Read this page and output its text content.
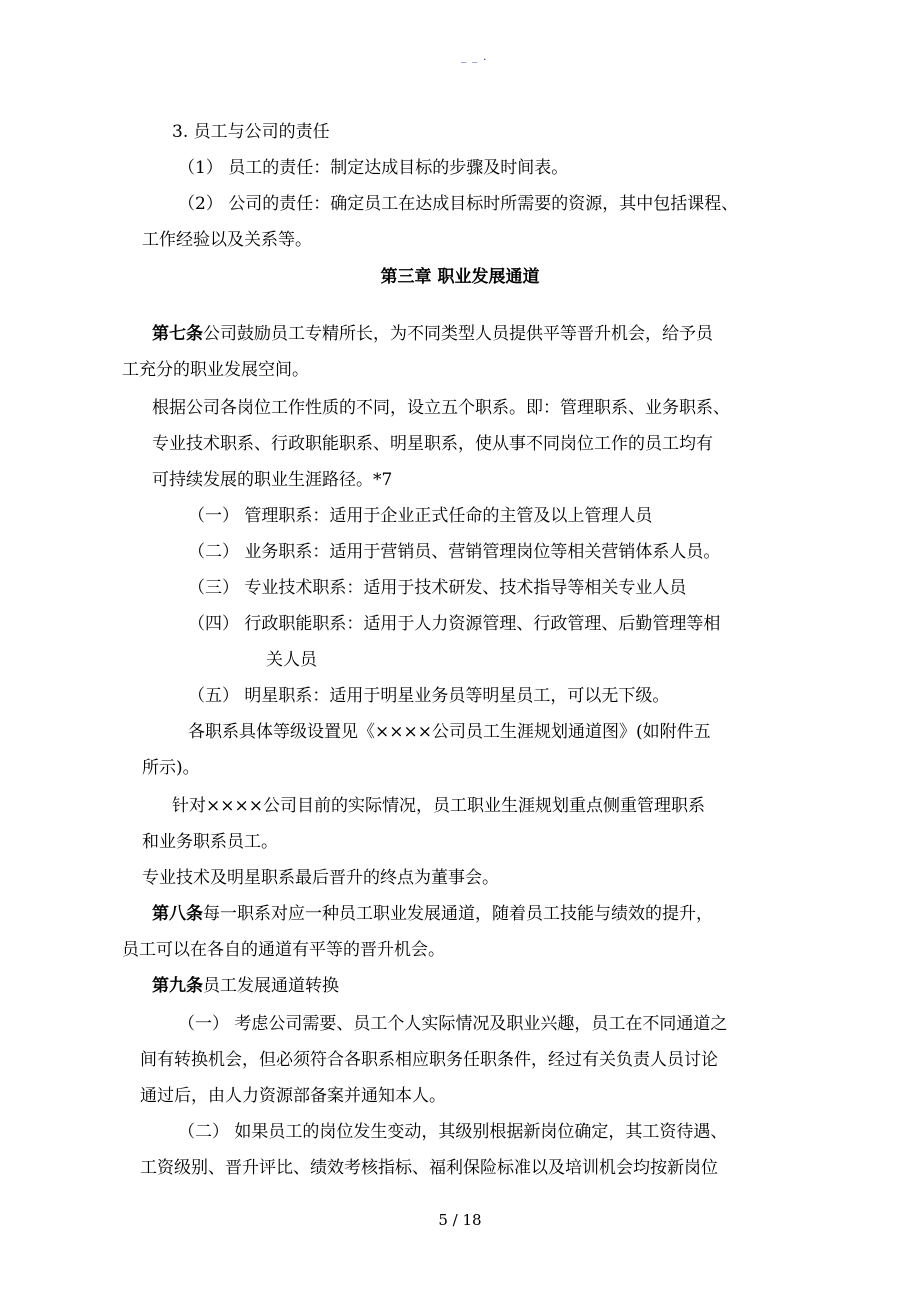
_ _ .
3. 员工与公司的责任
（1） 员工的责任：制定达成目标的步骤及时间表。
（2） 公司的责任：确定员工在达成目标时所需要的资源，其中包括课程、
工作经验以及关系等。
第三章 职业发展通道
第七条公司鼓励员工专精所长，为不同类型人员提供平等晋升机会，给予员
工充分的职业发展空间。
根据公司各岗位工作性质的不同，设立五个职系。即：管理职系、业务职系、
专业技术职系、行政职能职系、明星职系，使从事不同岗位工作的员工均有
可持续发展的职业生涯路径。*7
（一） 管理职系：适用于企业正式任命的主管及以上管理人员
（二） 业务职系：适用于营销员、营销管理岗位等相关营销体系人员。
（三） 专业技术职系：适用于技术研发、技术指导等相关专业人员
（四） 行政职能职系：适用于人力资源管理、行政管理、后勤管理等相
关人员
（五） 明星职系：适用于明星业务员等明星员工，可以无下级。
各职系具体等级设置见《××××公司员工生涯规划通道图》(如附件五
所示)。
针对××××公司目前的实际情况，员工职业生涯规划重点侧重管理职系
和业务职系员工。
专业技术及明星职系最后晋升的终点为董事会。
第八条每一职系对应一种员工职业发展通道，随着员工技能与绩效的提升，
员工可以在各自的通道有平等的晋升机会。
第九条员工发展通道转换
（一） 考虑公司需要、员工个人实际情况及职业兴趣，员工在不同通道之
间有转换机会，但必须符合各职系相应职务任职条件，经过有关负责人员讨论
通过后，由人力资源部备案并通知本人。
（二） 如果员工的岗位发生变动，其级别根据新岗位确定，其工资待遇、
工资级别、晋升评比、绩效考核指标、福利保险标准以及培训机会均按新岗位
5 / 18
